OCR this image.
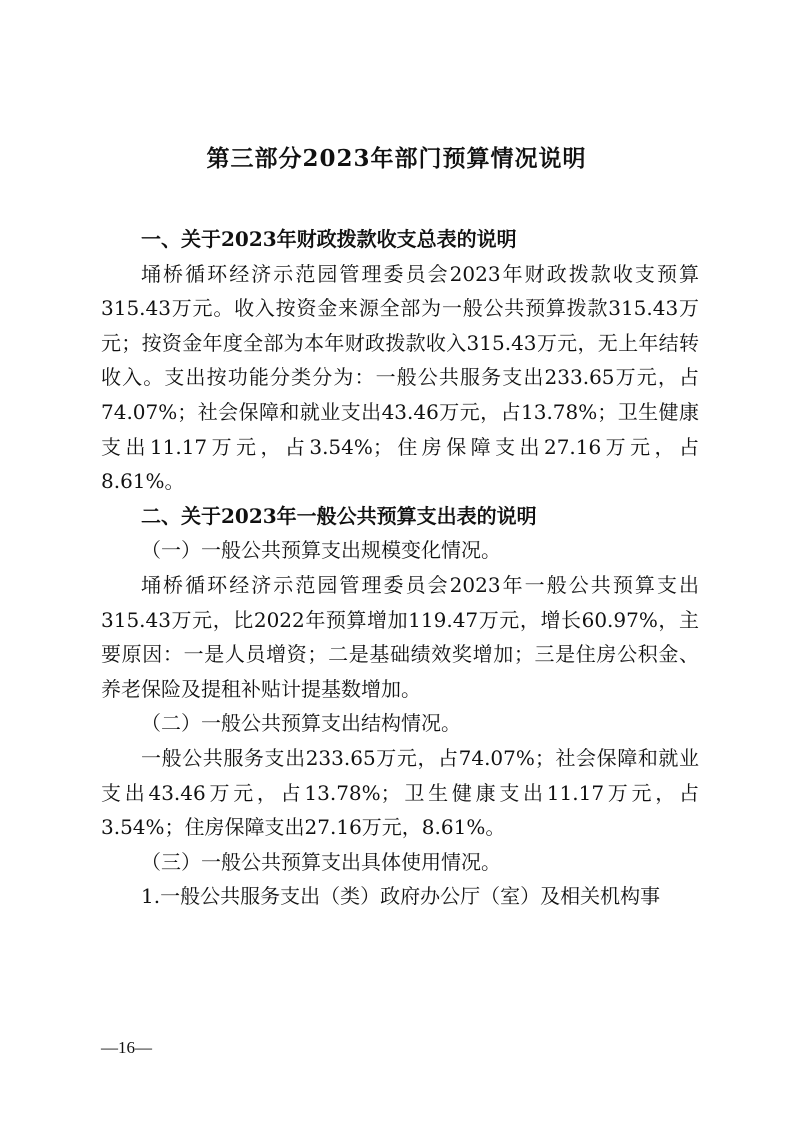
第三部分2023年部门预算情况说明

一、关于2023年财政拨款收支总表的说明

埇桥循环经济示范园管理委员会2023年财政拨款收支预算315.43万元。收入按资金来源全部为一般公共预算拨款315.43万元；按资金年度全部为本年财政拨款收入315.43万元，无上年结转收入。支出按功能分类分为：一般公共服务支出233.65万元，占74.07%；社会保障和就业支出43.46万元，占13.78%；卫生健康支出11.17万元，占3.54%；住房保障支出27.16万元，占8.61%。

二、关于2023年一般公共预算支出表的说明

（一）一般公共预算支出规模变化情况。

埇桥循环经济示范园管理委员会2023年一般公共预算支出315.43万元，比2022年预算增加119.47万元，增长60.97%，主要原因：一是人员增资；二是基础绩效奖增加；三是住房公积金、养老保险及提租补贴计提基数增加。

（二）一般公共预算支出结构情况。

一般公共服务支出233.65万元，占74.07%；社会保障和就业支出43.46万元，占13.78%；卫生健康支出11.17万元，占3.54%；住房保障支出27.16万元，8.61%。

（三）一般公共预算支出具体使用情况。

1.一般公共服务支出（类）政府办公厅（室）及相关机构事

—16—
